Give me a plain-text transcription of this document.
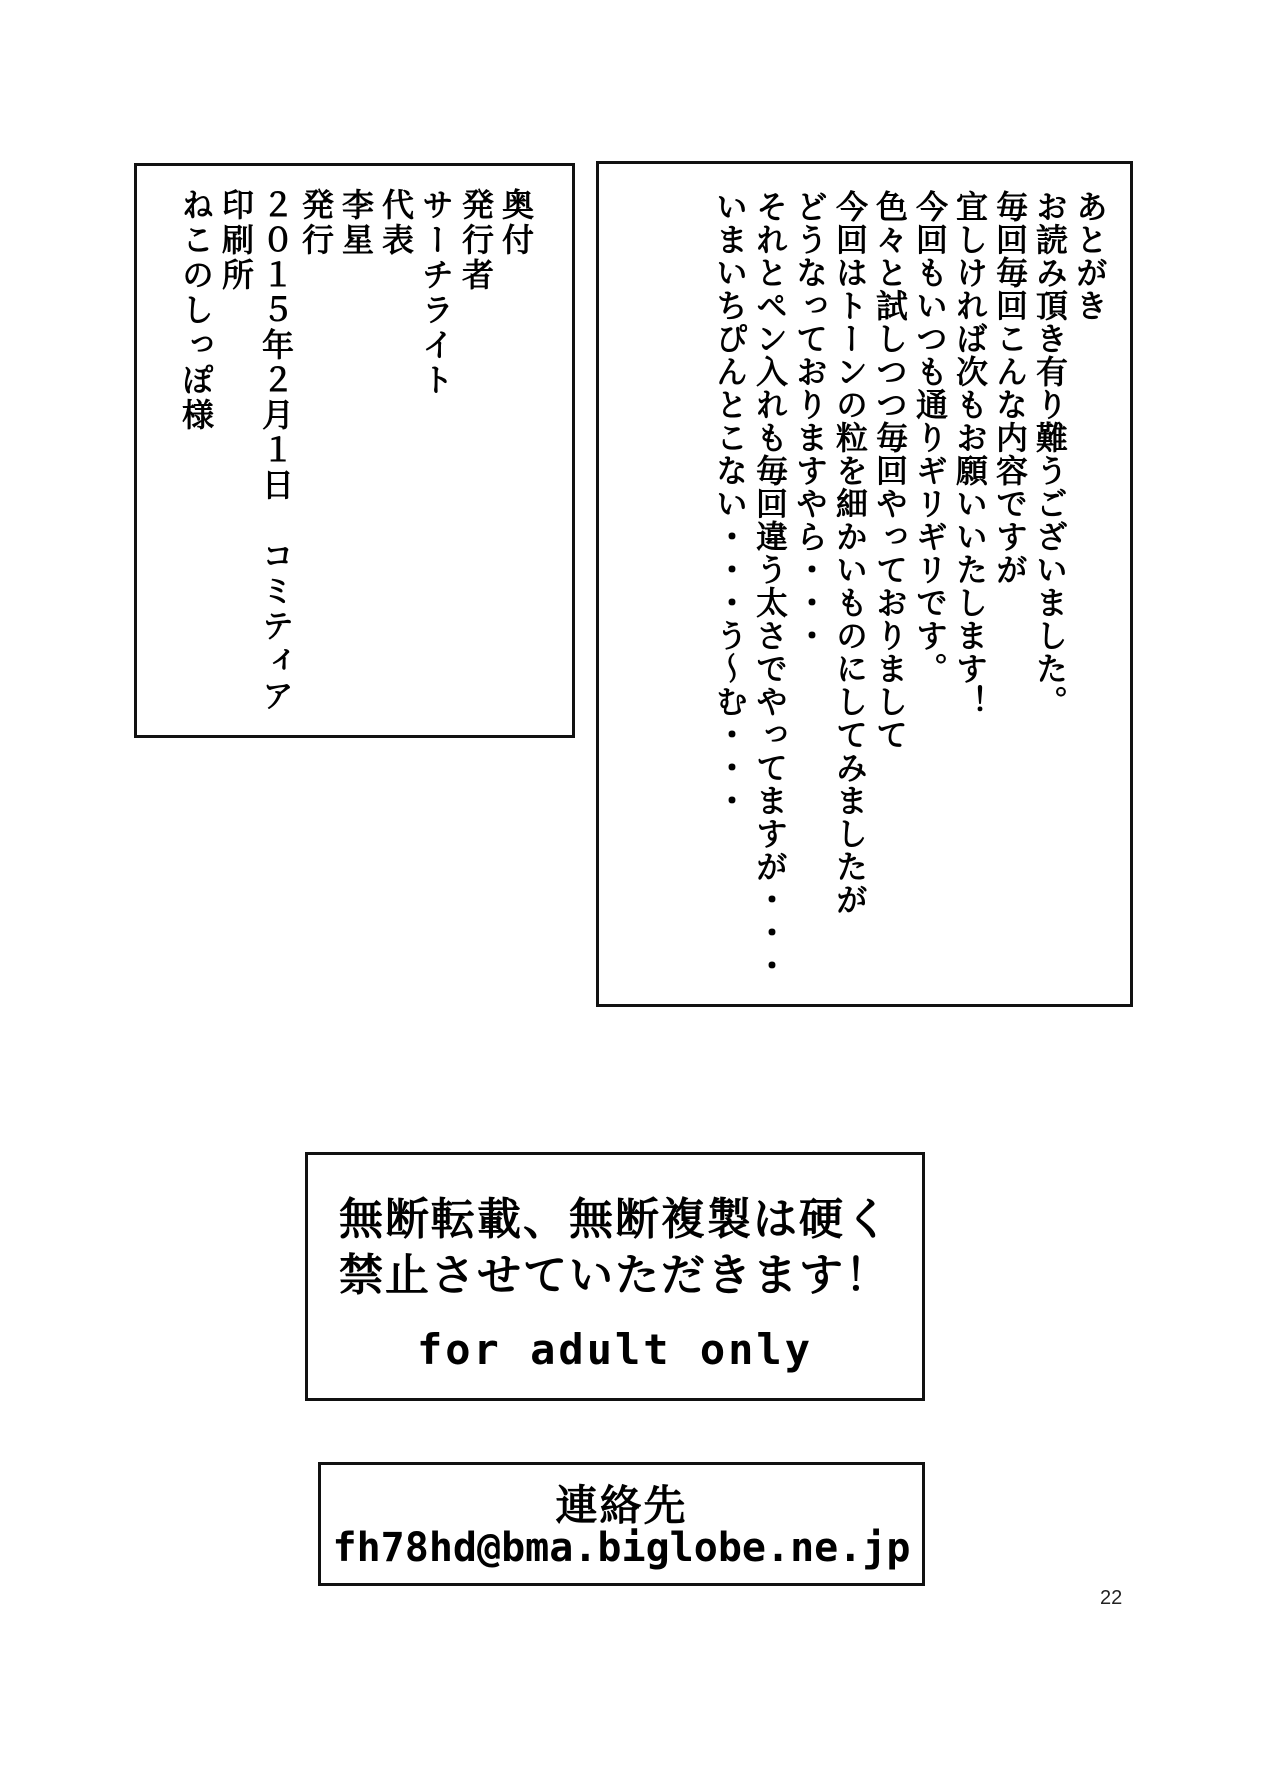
奥付
発行者
サーチライト
代表
李星
発行
２０１５年２月１日コミティア
印刷所
ねこのしっぽ様	あとがき
お読み頂き有り難うございました。
毎回毎回こんな内容ですが
宜しければ次もお願いいたします！
今回もいつも通りギリギリです。
色々と試しつつ毎回やっておりまして
今回はトーンの粒を細かいものにしてみましたが
どうなっておりますやら・・・
それとペン入れも毎回違う太さでやってますが・・・
いまいちぴんとこない・・・う～む・・・
無断転載、無断複製は硬く
禁止させていただきます！
for adult only
連絡先
fh78hd@bma.biglobe.ne.jp
22
